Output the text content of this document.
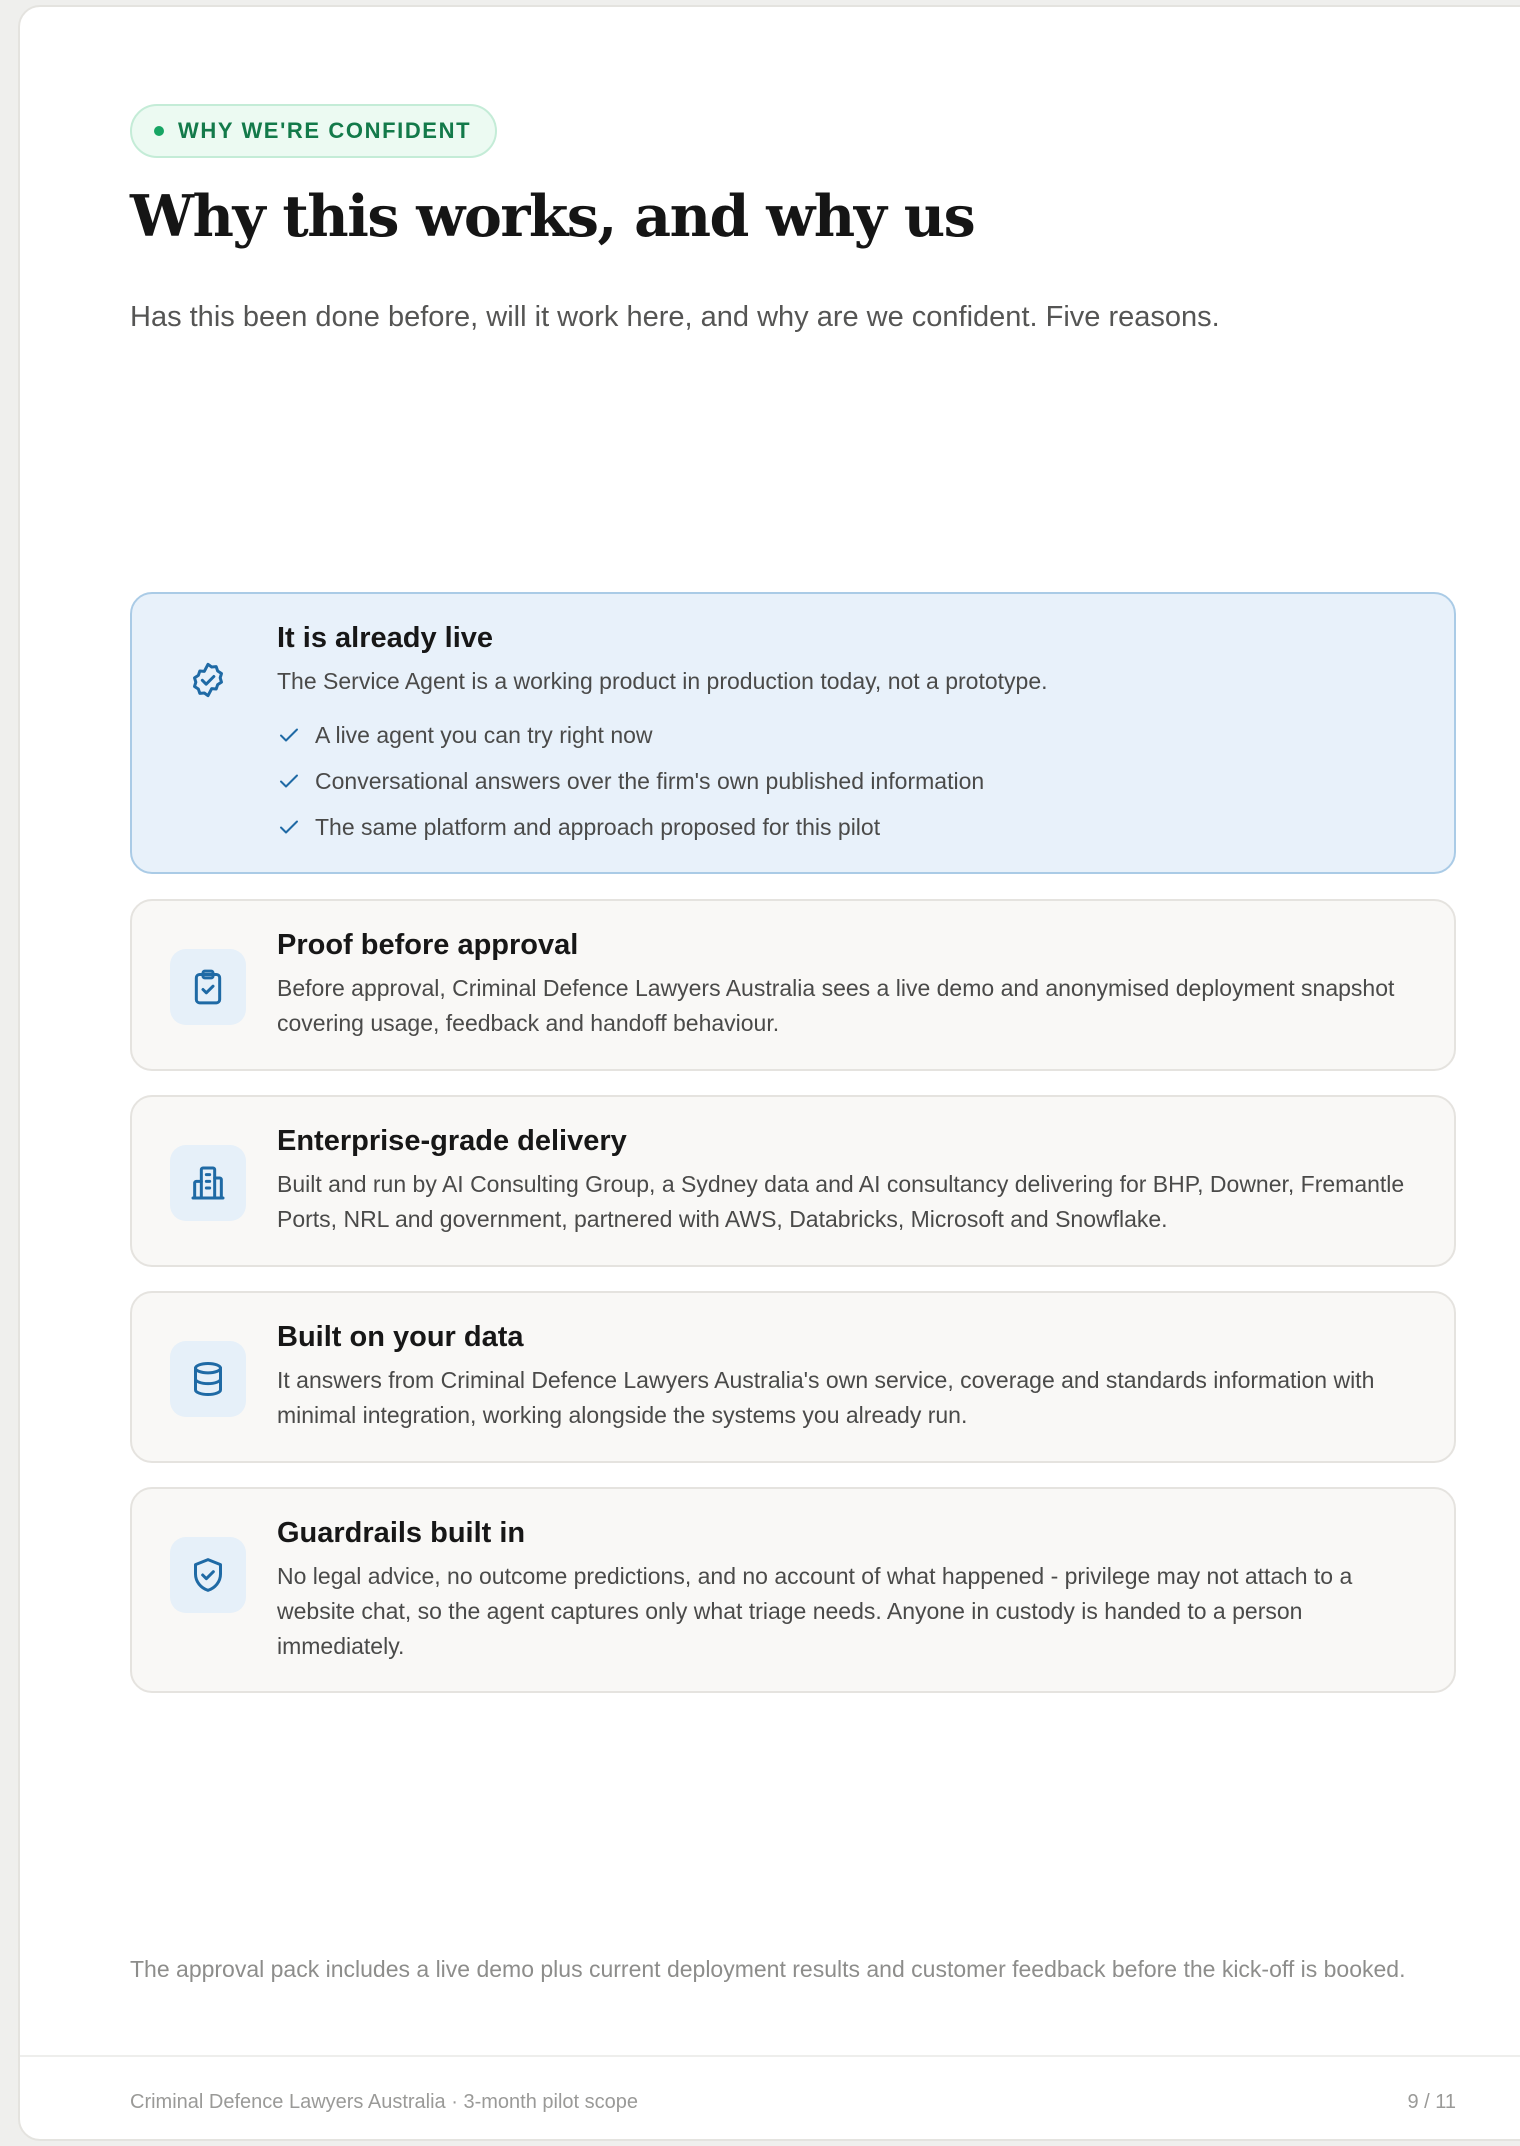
WHY WE'RE CONFIDENT
Why this works, and why us

Has this been done before, will it work here, and why are we confident. Five reasons.

It is already live

The Service Agent is a working product in production today, not a prototype.

A live agent you can try right now
Conversational answers over the firm's own published information
The same platform and approach proposed for this pilot
Proof before approval

Before approval, Criminal Defence Lawyers Australia sees a live demo and anonymised deployment snapshot covering usage, feedback and handoff behaviour.

Enterprise-grade delivery

Built and run by AI Consulting Group, a Sydney data and AI consultancy delivering for BHP, Downer, Fremantle Ports, NRL and government, partnered with AWS, Databricks, Microsoft and Snowflake.

Built on your data

It answers from Criminal Defence Lawyers Australia's own service, coverage and standards information with minimal integration, working alongside the systems you already run.

Guardrails built in

No legal advice, no outcome predictions, and no account of what happened - privilege may not attach to a website chat, so the agent captures only what triage needs. Anyone in custody is handed to a person immediately.

The approval pack includes a live demo plus current deployment results and customer feedback before the kick-off is booked.

Criminal Defence Lawyers Australia · 3-month pilot scope	9 / 11
